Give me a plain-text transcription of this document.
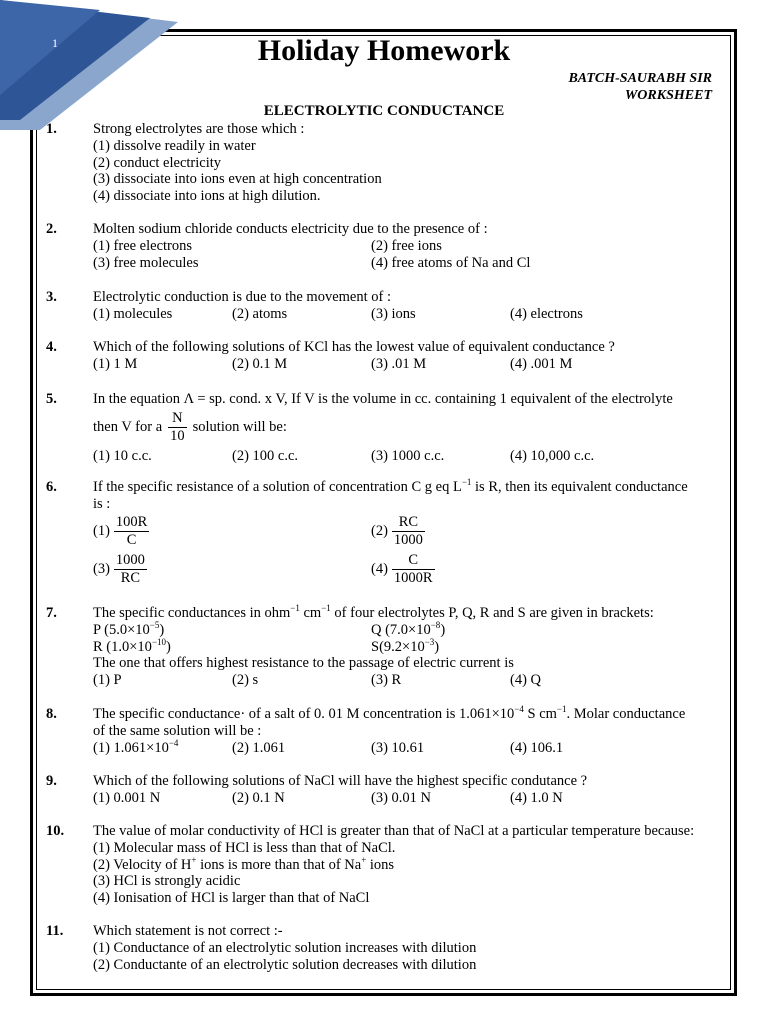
1	Holiday Homework
BATCH-SAURABH SIR
WORKSHEET
ELECTROLYTIC CONDUCTANCE
1. Strong electrolytes are those which :
(1) dissolve readily in water
(2) conduct electricity
(3) dissociate into ions even at high concentration
(4) dissociate into ions at high dilution.
2. Molten sodium chloride conducts electricity due to the presence of :
(1) free electrons	(2) free ions
(3) free molecules	(4) free atoms of Na and Cl
3. Electrolytic conduction is due to the movement of :
(1) molecules	(2) atoms	(3) ions	(4) electrons
4. Which of the following solutions of KCl has the lowest value of equivalent conductance ?
(1) 1 M	(2) 0.1 M	(3) .01 M	(4) .001 M
5. In the equation Λ = sp. cond. x V, If V is the volume in cc. containing 1 equivalent of the electrolyte
then V for a $\frac{N}{10}$ solution will be:
(1) 10 c.c.	(2) 100 c.c.	(3) 1000 c.c.	(4) 10,000 c.c.
6. If the specific resistance of a solution of concentration C g eq $L^{-1}$ is R, then its equivalent conductance
is :
$(1) \frac{100R}{C}$	$(2) \frac{RC}{1000}$
$(3) \frac{1000}{RC}$	$(4) \frac{C}{1000R}$
7. The specific conductances in ohm$^{-1}$ $cm^{-1}$ of four electrolytes P, Q, R and S are given in brackets:
P $(5.0\times 10^{-5})$	Q $(7.0\times 10^{-8})$
R $(1.0\times 10^{-10})$	$S(9.2\times 10^{-3})$
The one that offers highest resistance to the passage of electric current is
(1) P	(2) s	(3) R	(4) Q
8. The specific conductance· of a salt of 0. 01 M concentration is $1.061\times 10^{-4}$ S $cm^{-1}$. Molar conductance
of the same solution will be :
(1) $1.061\times 10^{-4}$	(2) 1.061	(3) 10.61	(4) 106.1
9. Which of the following solutions of NaCl will have the highest specific condutance ?
(1) 0.001 N	(2) 0.1 N	(3) 0.01 N	(4) 1.0 N
10. The value of molar conductivity of HCl is greater than that of NaCl at a particular temperature because:
(1) Molecular mass of HCl is less than that of NaCl.
(2) Velocity of H+ ions is more than that of Na+ ions
(3) HCl is strongly acidic
(4) Ionisation of HCl is larger than that of NaCl
11. Which statement is not correct :-
(1) Conductance of an electrolytic solution increases with dilution
(2) Conductante of an electrolytic solution decreases with dilution
